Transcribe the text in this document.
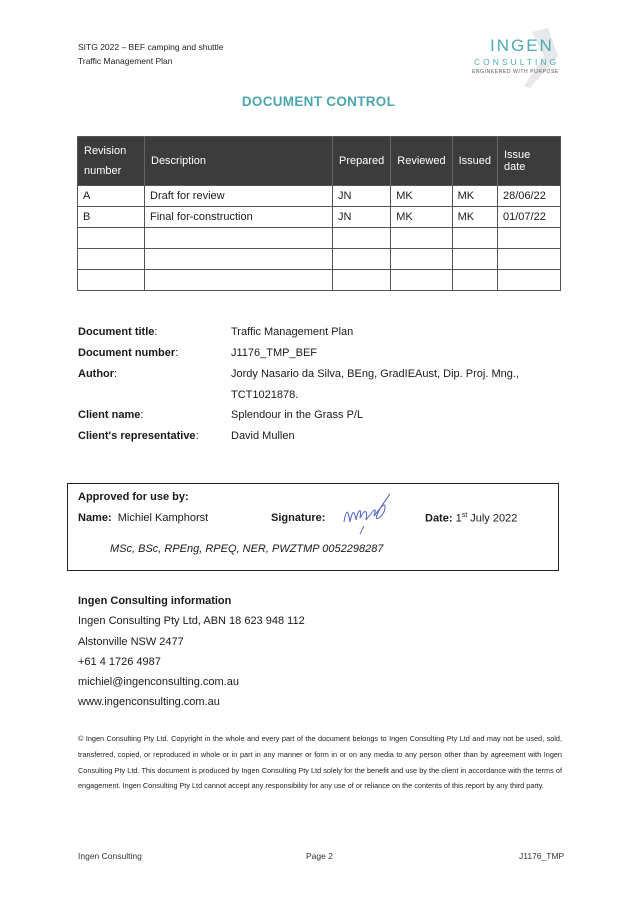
SITG 2022 – BEF camping and shuttle
Traffic Management Plan
INGEN
CONSULTING
ENGINEERED WITH PURPOSE
DOCUMENT CONTROL
Revision number	Description	Prepared	Reviewed	Issued	Issue date
A	Draft for review	JN	MK	MK	28/06/22
B	Final for-construction	JN	MK	MK	01/07/22

Document title:	Traffic Management Plan
Document number:	J1176_TMP_BEF
Author:	Jordy Nasario da Silva, BEng, GradIEAust, Dip. Proj. Mng.,
TCT1021878.
Client name:	Splendour in the Grass P/L
Client's representative:	David Mullen
Approved for use by:
Name: Michiel Kamphorst	Signature:	Date: 1st July 2022
MSc, BSc, RPEng, RPEQ, NER, PWZTMP 0052298287
Ingen Consulting information
Ingen Consulting Pty Ltd, ABN 18 623 948 112
Alstonville NSW 2477
+61 4 1726 4987
michiel@ingenconsulting.com.au
www.ingenconsulting.com.au
© Ingen Consulting Pty Ltd. Copyright in the whole and every part of the document belongs to Ingen Consulting Pty Ltd and may not be used, sold, transferred, copied, or reproduced in whole or in part in any manner or form in or on any media to any person other than by agreement with Ingen Consulting Pty Ltd. This document is produced by Ingen Consulting Pty Ltd solely for the benefit and use by the client in accordance with the terms of engagement. Ingen Consulting Pty Ltd cannot accept any responsibility for any use of or reliance on the contents of this report by any third party.
Ingen Consulting	Page 2	J1176_TMP
